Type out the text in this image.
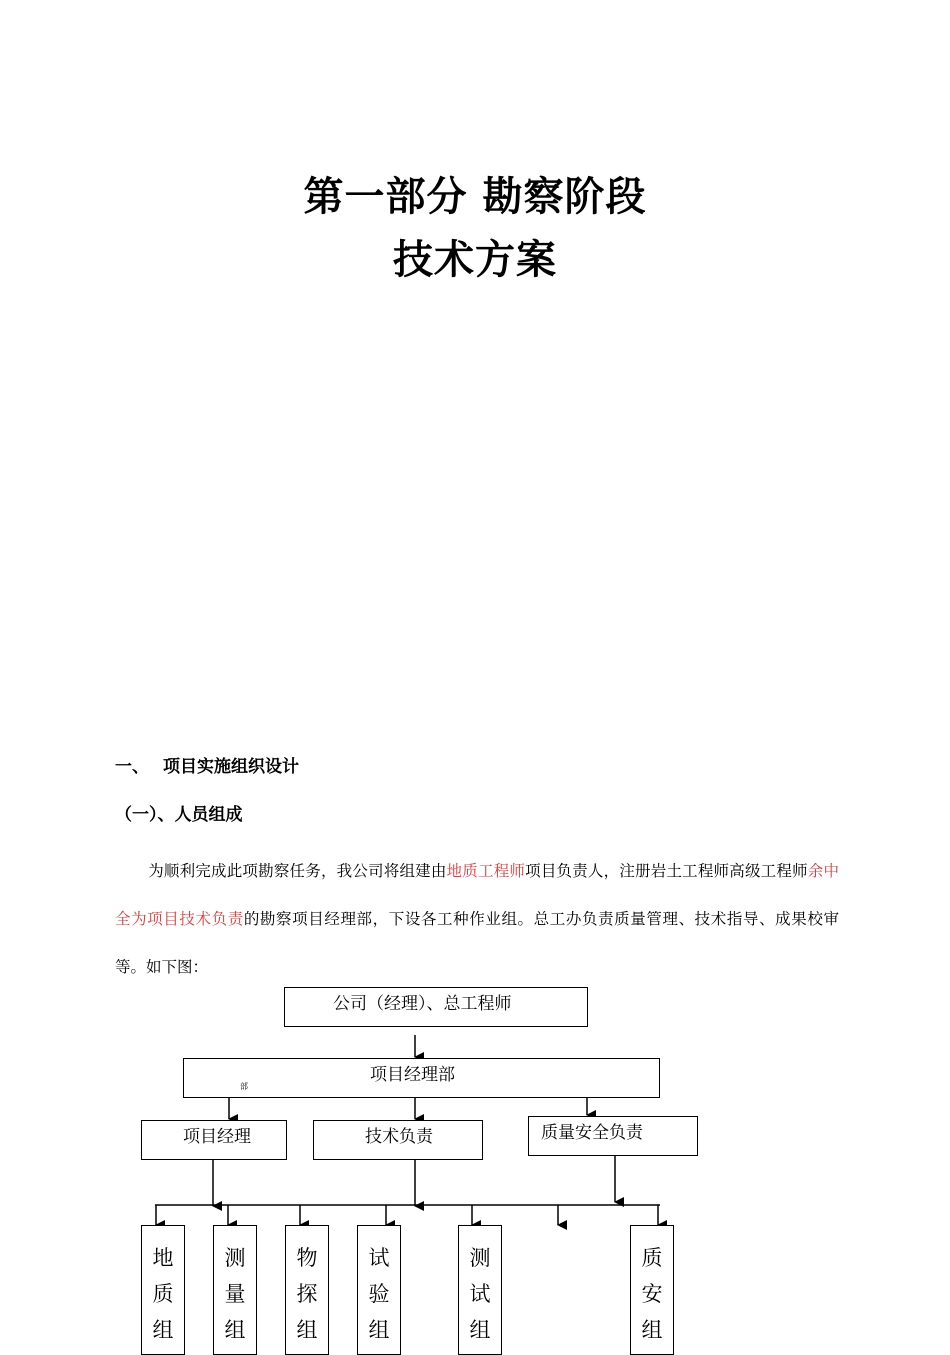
第一部分 勘察阶段
技术方案
一、 项目实施组织设计
（一）、人员组成
为顺利完成此项勘察任务，我公司将组建由地质工程师项目负责人，注册岩土工程师高级工程师余中全为项目技术负责的勘察项目经理部，下设各工种作业组。总工办负责质量管理、技术指导、成果校审等。如下图：
公司（经理）、总工程师
项目经理部
部
项目经理	技术负责	质量安全负责
地
质
组
测
量
组
物
探
组
试
验
组
测
试
组
质
安
组
